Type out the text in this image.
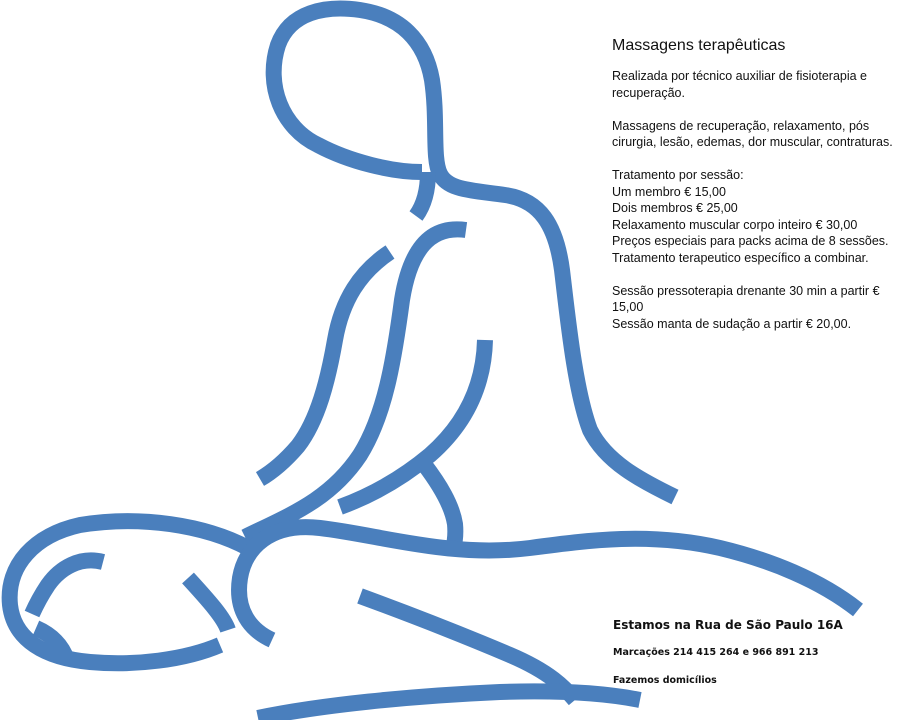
Massagens terapêuticas

Realizada por técnico auxiliar de fisioterapia e recuperação.

Massagens de recuperação, relaxamento, pós cirurgia, lesão, edemas, dor muscular, contraturas.

Tratamento por sessão:
Um membro € 15,00
Dois membros € 25,00
Relaxamento muscular corpo inteiro € 30,00
Preços especiais para packs acima de 8 sessões. Tratamento terapeutico específico a combinar.

Sessão pressoterapia drenante 30 min a partir € 15,00
Sessão manta de sudação a partir € 20,00.

Estamos na Rua de São Paulo 16A
Marcações 214 415 264 e 966 891 213
Fazemos domicílios
